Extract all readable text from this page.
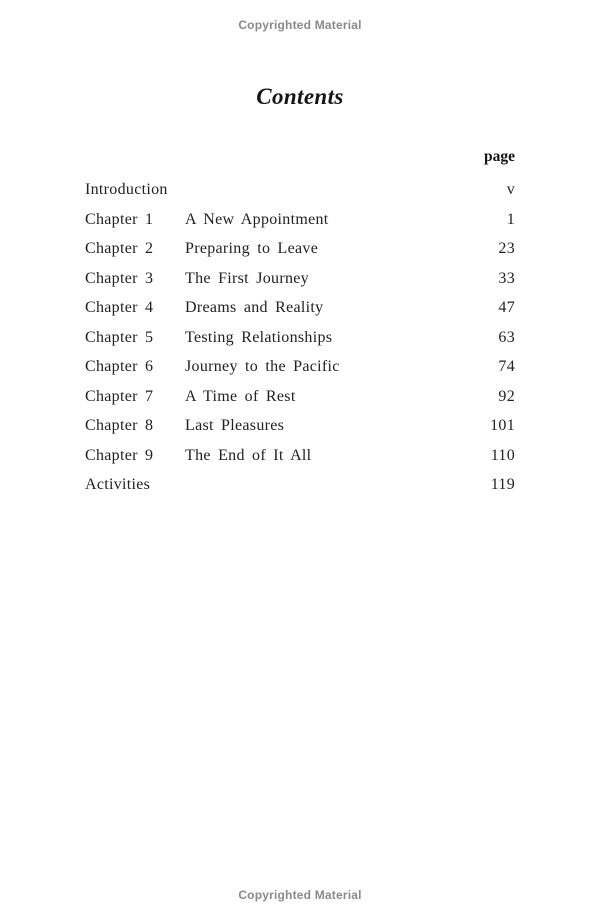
Copyrighted Material
Contents
page
Introduction	v
Chapter 1	A New Appointment	1
Chapter 2	Preparing to Leave	23
Chapter 3	The First Journey	33
Chapter 4	Dreams and Reality	47
Chapter 5	Testing Relationships	63
Chapter 6	Journey to the Pacific	74
Chapter 7	A Time of Rest	92
Chapter 8	Last Pleasures	101
Chapter 9	The End of It All	110
Activities	119
Copyrighted Material
